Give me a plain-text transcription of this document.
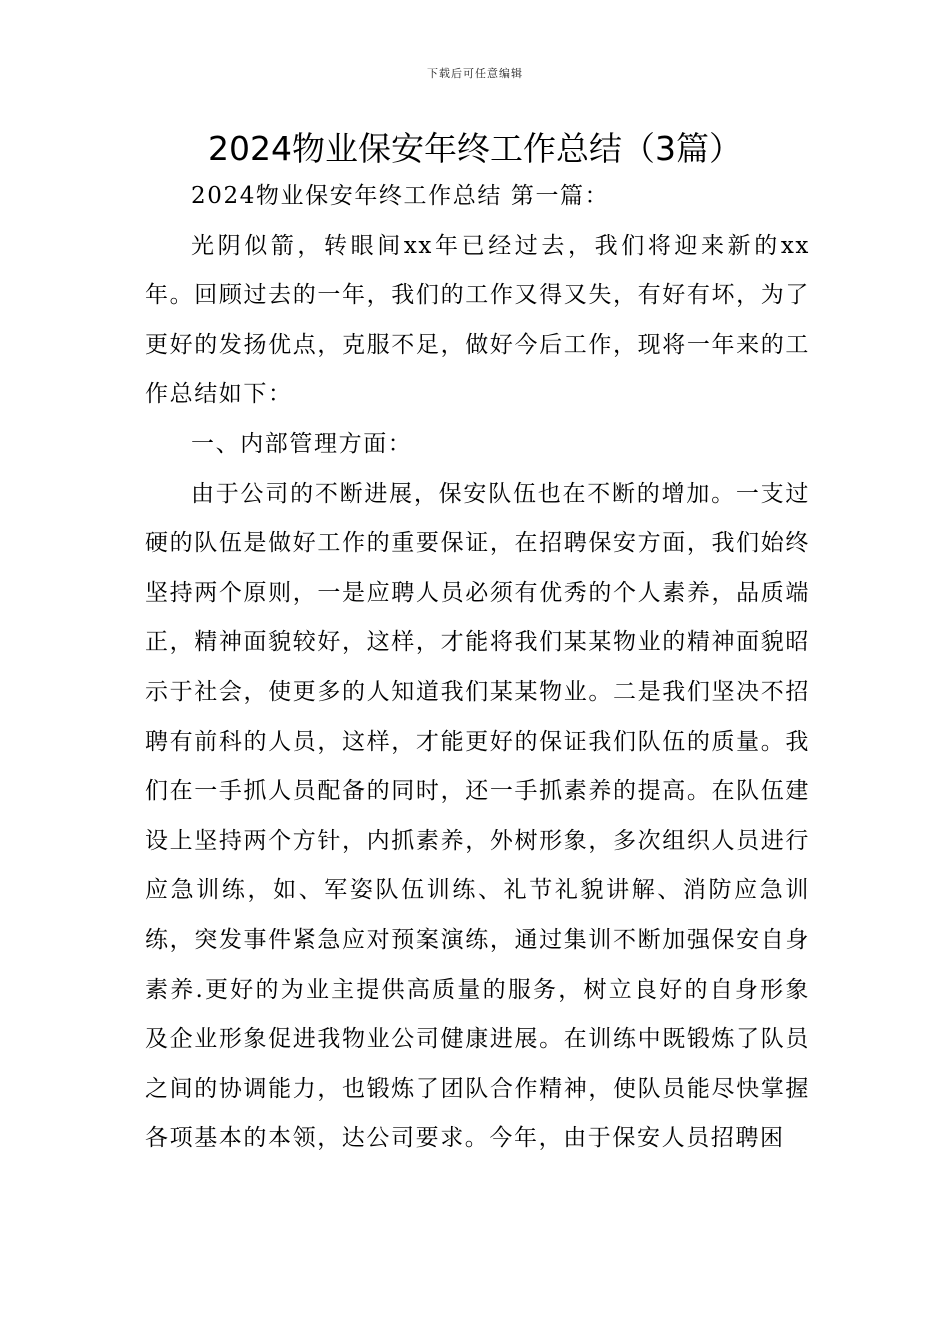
下载后可任意编辑
2024物业保安年终工作总结（3篇）

2024物业保安年终工作总结 第一篇：

光阴似箭，转眼间xx年已经过去，我们将迎来新的xx年。回顾过去的一年，我们的工作又得又失，有好有坏，为了更好的发扬优点，克服不足，做好今后工作，现将一年来的工作总结如下：

一、内部管理方面：

由于公司的不断进展，保安队伍也在不断的增加。一支过硬的队伍是做好工作的重要保证，在招聘保安方面，我们始终坚持两个原则，一是应聘人员必须有优秀的个人素养，品质端正，精神面貌较好，这样，才能将我们某某物业的精神面貌昭示于社会，使更多的人知道我们某某物业。二是我们坚决不招聘有前科的人员，这样，才能更好的保证我们队伍的质量。我们在一手抓人员配备的同时，还一手抓素养的提高。在队伍建设上坚持两个方针，内抓素养，外树形象，多次组织人员进行应急训练，如、军姿队伍训练、礼节礼貌讲解、消防应急训练，突发事件紧急应对预案演练，通过集训不断加强保安自身素养.更好的为业主提供高质量的服务，树立良好的自身形象及企业形象促进我物业公司健康进展。在训练中既锻炼了队员之间的协调能力，也锻炼了团队合作精神，使队员能尽快掌握各项基本的本领，达公司要求。今年，由于保安人员招聘困
